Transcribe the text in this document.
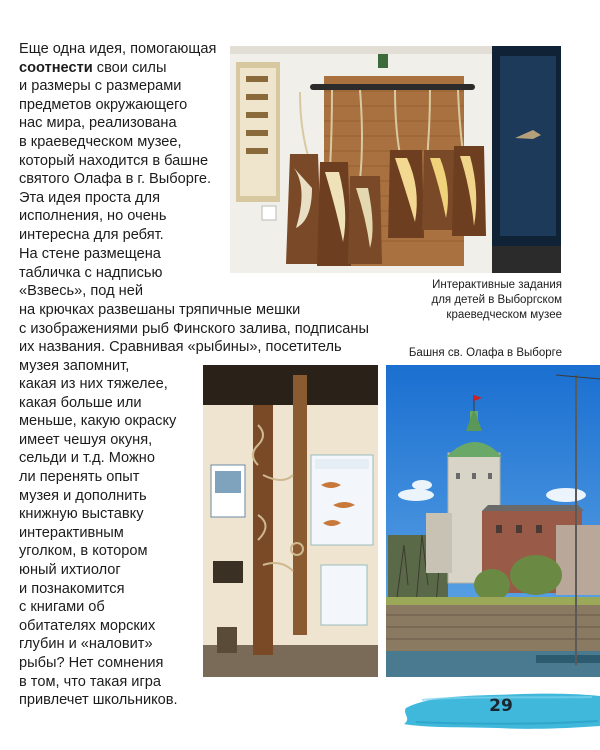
Еще одна идея, помогающая
соотнести свои силы
и размеры с размерами
предметов окружающего
нас мира, реализована
в краеведческом музее,
который находится в башне
святого Олафа в г. Выборге.
Эта идея проста для
исполнения, но очень
интересна для ребят.
На стене размещена
табличка с надписью
«Взвесь», под ней
на крючках развешаны тряпичные мешки
с изображениями рыб Финского залива, подписаны
их названия. Сравнивая «рыбины», посетитель
музея запомнит,
какая из них тяжелее,
какая больше или
меньше, какую окраску
имеет чешуя окуня,
сельди и т.д. Можно
ли перенять опыт
музея и дополнить
книжную выставку
интерактивным
уголком, в котором
юный ихтиолог
и познакомится
с книгами об
обитателях морских
глубин и «наловит»
рыбы? Нет сомнения
в том, что такая игра
привлечет школьников.
Интерактивные задания
для детей в Выборгском
краеведческом музее
Башня св. Олафа в Выборге
29
